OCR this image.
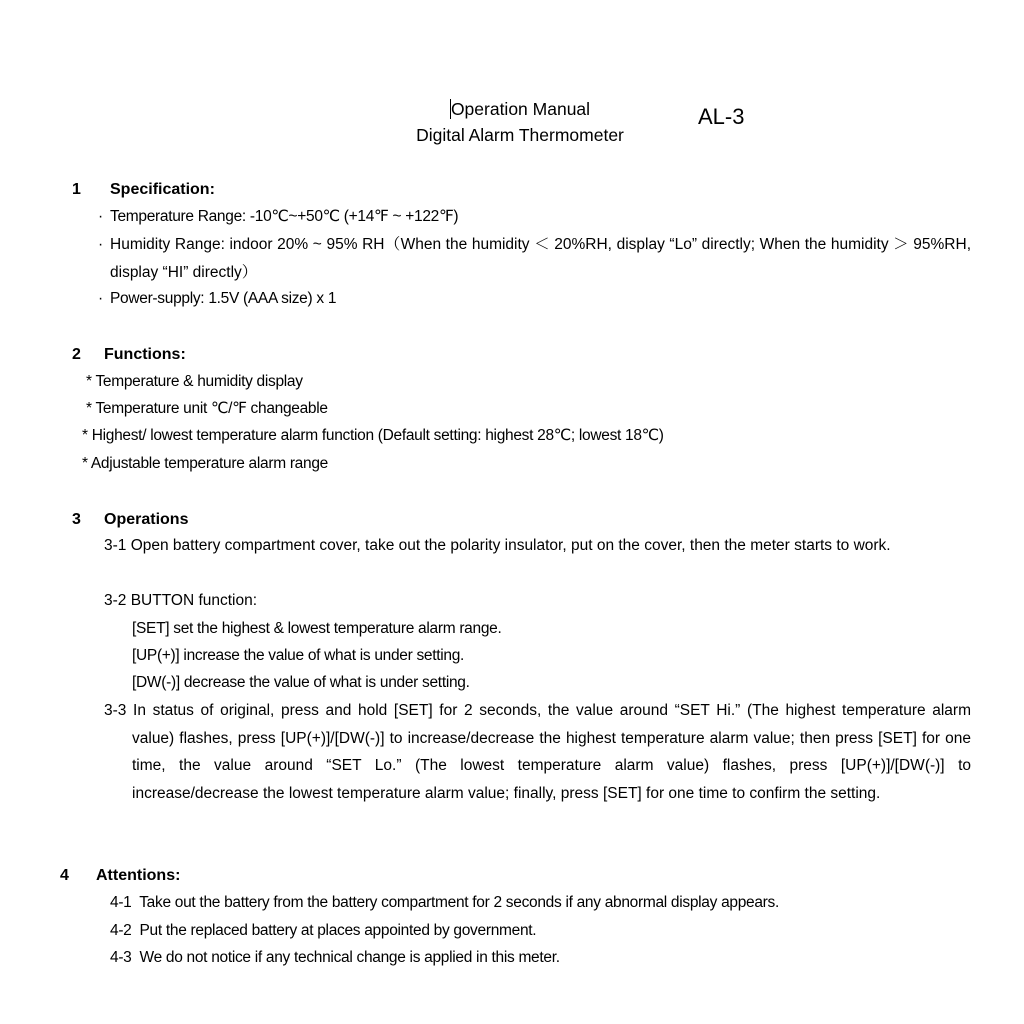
Operation Manual
Digital Alarm Thermometer
AL-3
1 Specification:
· Temperature Range: -10℃~+50℃ (+14℉ ~ +122℉)
· Humidity Range: indoor 20% ~ 95% RH（When the humidity ＜ 20%RH, display “Lo” directly; When the humidity ＞ 95%RH, display “HI” directly）
· Power-supply: 1.5V (AAA size) x 1
2 Functions:
* Temperature & humidity display
* Temperature unit ℃/℉ changeable
* Highest/ lowest temperature alarm function (Default setting: highest 28℃; lowest 18℃)
* Adjustable temperature alarm range
3 Operations
3-1 Open battery compartment cover, take out the polarity insulator, put on the cover, then the meter starts to work.
3-2 BUTTON function:
[SET] set the highest & lowest temperature alarm range.
[UP(+)] increase the value of what is under setting.
[DW(-)] decrease the value of what is under setting.
3-3 In status of original, press and hold [SET] for 2 seconds, the value around “SET Hi.” (The highest temperature alarm value) flashes, press [UP(+)]/[DW(-)] to increase/decrease the highest temperature alarm value; then press [SET] for one time, the value around “SET Lo.” (The lowest temperature alarm value) flashes, press [UP(+)]/[DW(-)] to increase/decrease the lowest temperature alarm value; finally, press [SET] for one time to confirm the setting.
4 Attentions:
4-1  Take out the battery from the battery compartment for 2 seconds if any abnormal display appears.
4-2  Put the replaced battery at places appointed by government.
4-3  We do not notice if any technical change is applied in this meter.
